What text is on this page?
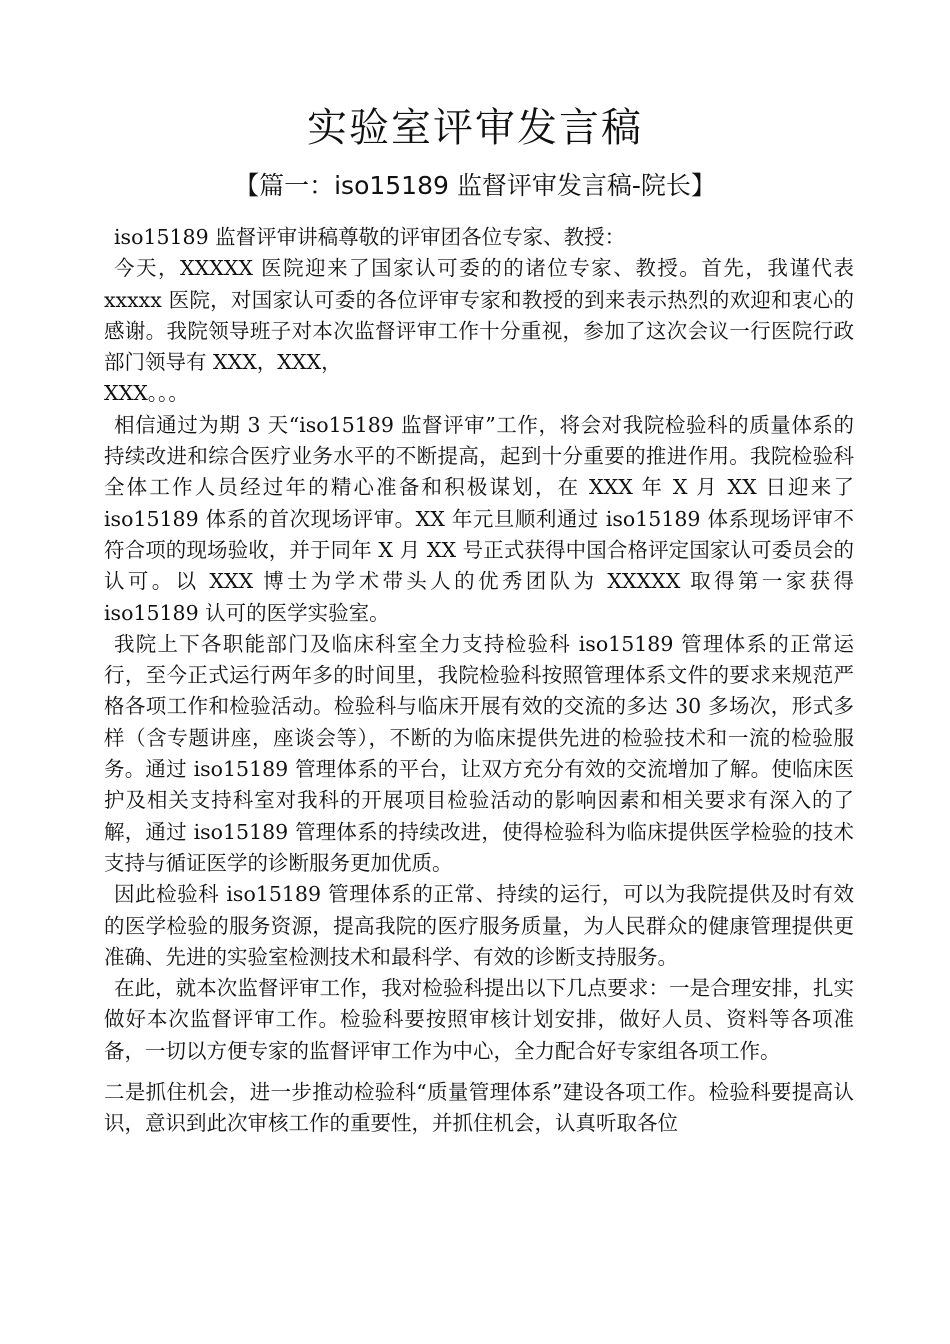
实验室评审发言稿
【篇一：iso15189 监督评审发言稿-院长】

iso15189 监督评审讲稿尊敬的评审团各位专家、教授：

今天，XXXXX 医院迎来了国家认可委的的诸位专家、教授。首先，我谨代表 xxxxx 医院，对国家认可委的各位评审专家和教授的到来表示热烈的欢迎和衷心的感谢。我院领导班子对本次监督评审工作十分重视，参加了这次会议一行医院行政部门领导有 XXX，XXX，

XXX。。。

相信通过为期 3 天“iso15189 监督评审”工作，将会对我院检验科的质量体系的持续改进和综合医疗业务水平的不断提高，起到十分重要的推进作用。我院检验科全体工作人员经过年的精心准备和积极谋划，在 XXX 年 X 月 XX 日迎来了 iso15189 体系的首次现场评审。XX 年元旦顺利通过 iso15189 体系现场评审不符合项的现场验收，并于同年 X 月 XX 号正式获得中国合格评定国家认可委员会的认可。以 XXX 博士为学术带头人的优秀团队为 XXXXX 取得第一家获得 iso15189 认可的医学实验室。

我院上下各职能部门及临床科室全力支持检验科 iso15189 管理体系的正常运行，至今正式运行两年多的时间里，我院检验科按照管理体系文件的要求来规范严格各项工作和检验活动。检验科与临床开展有效的交流的多达 30 多场次，形式多样（含专题讲座，座谈会等），不断的为临床提供先进的检验技术和一流的检验服务。通过 iso15189 管理体系的平台，让双方充分有效的交流增加了解。使临床医护及相关支持科室对我科的开展项目检验活动的影响因素和相关要求有深入的了解，通过 iso15189 管理体系的持续改进，使得检验科为临床提供医学检验的技术支持与循证医学的诊断服务更加优质。

因此检验科 iso15189 管理体系的正常、持续的运行，可以为我院提供及时有效的医学检验的服务资源，提高我院的医疗服务质量，为人民群众的健康管理提供更准确、先进的实验室检测技术和最科学、有效的诊断支持服务。

在此，就本次监督评审工作，我对检验科提出以下几点要求：一是合理安排，扎实做好本次监督评审工作。检验科要按照审核计划安排，做好人员、资料等各项准备，一切以方便专家的监督评审工作为中心，全力配合好专家组各项工作。

二是抓住机会，进一步推动检验科“质量管理体系”建设各项工作。检验科要提高认识，意识到此次审核工作的重要性，并抓住机会，认真听取各位
